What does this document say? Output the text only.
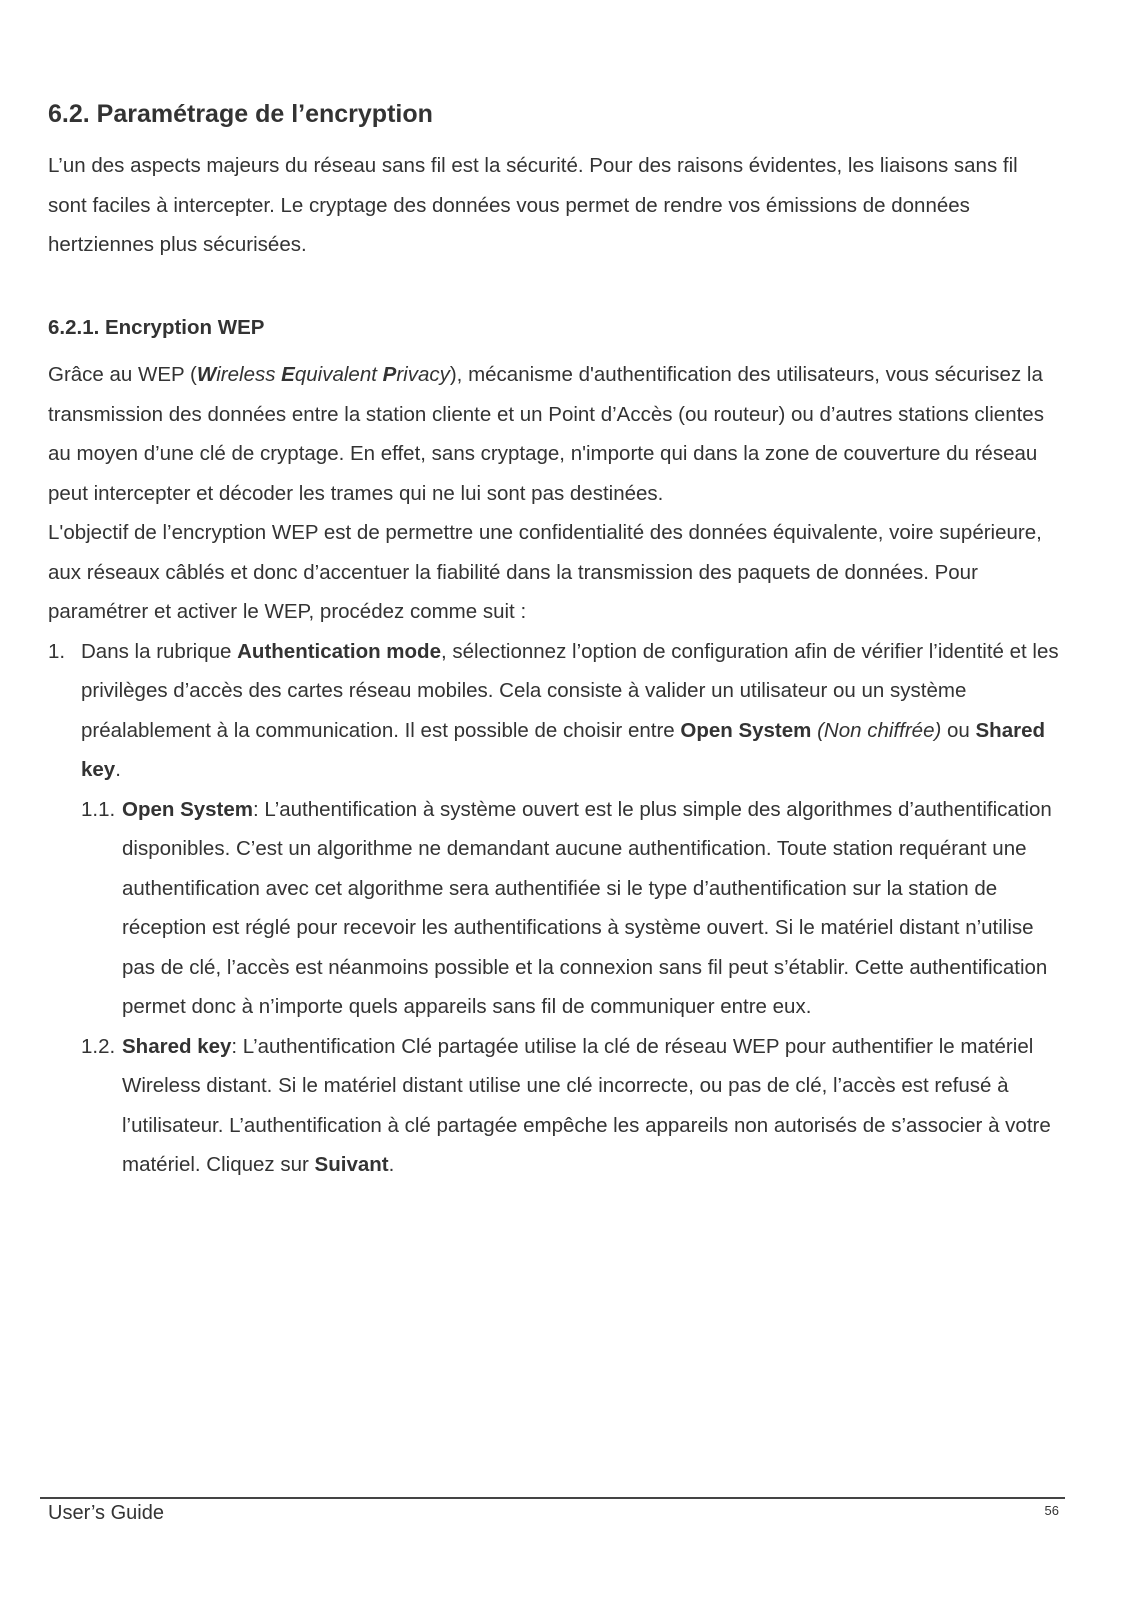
6.2. Paramétrage de l’encryption

L’un des aspects majeurs du réseau sans fil est la sécurité. Pour des raisons évidentes, les liaisons sans fil sont faciles à intercepter. Le cryptage des données vous permet de rendre vos émissions de données hertziennes plus sécurisées.

6.2.1. Encryption WEP

Grâce au WEP (Wireless Equivalent Privacy), mécanisme d'authentification des utilisateurs, vous sécurisez la transmission des données entre la station cliente et un Point d’Accès (ou routeur) ou d’autres stations clientes au moyen d’une clé de cryptage. En effet, sans cryptage, n'importe qui dans la zone de couverture du réseau peut intercepter et décoder les trames qui ne lui sont pas destinées.

L'objectif de l’encryption WEP est de permettre une confidentialité des données équivalente, voire supérieure, aux réseaux câblés et donc d’accentuer la fiabilité dans la transmission des paquets de données. Pour paramétrer et activer le WEP, procédez comme suit :

1. Dans la rubrique Authentication mode, sélectionnez l’option de configuration afin de vérifier l’identité et les privilèges d’accès des cartes réseau mobiles. Cela consiste à valider un utilisateur ou un système préalablement à la communication. Il est possible de choisir entre Open System (Non chiffrée) ou Shared key.
1.1. Open System: L’authentification à système ouvert est le plus simple des algorithmes d’authentification disponibles. C’est un algorithme ne demandant aucune authentification. Toute station requérant une authentification avec cet algorithme sera authentifiée si le type d’authentification sur la station de réception est réglé pour recevoir les authentifications à système ouvert. Si le matériel distant n’utilise pas de clé, l’accès est néanmoins possible et la connexion sans fil peut s’établir. Cette authentification permet donc à n’importe quels appareils sans fil de communiquer entre eux.
1.2. Shared key: L’authentification Clé partagée utilise la clé de réseau WEP pour authentifier le matériel Wireless distant. Si le matériel distant utilise une clé incorrecte, ou pas de clé, l’accès est refusé à l’utilisateur. L’authentification à clé partagée empêche les appareils non autorisés de s’associer à votre matériel. Cliquez sur Suivant.
User’s Guide	56
